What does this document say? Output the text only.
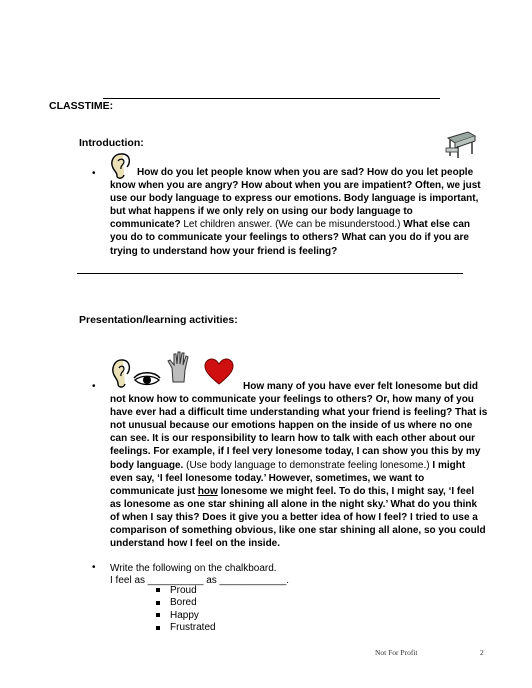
CLASSTIME:
Introduction:
•	How do you let people know when you are sad? How do you let people know when you are angry? How about when you are impatient? Often, we just use our body language to express our emotions. Body language is important, but what happens if we only rely on using our body language to communicate? Let children answer. (We can be misunderstood.) What else can you do to communicate your feelings to others? What can you do if you are trying to understand how your friend is feeling?
Presentation/learning activities:
•	How many of you have ever felt lonesome but did not know how to communicate your feelings to others? Or, how many of you have ever had a difficult time understanding what your friend is feeling? That is not unusual because our emotions happen on the inside of us where no one can see. It is our responsibility to learn how to talk with each other about our feelings. For example, if I feel very lonesome today, I can show you this by my body language. (Use body language to demonstrate feeling lonesome.) I might even say, ‘I feel lonesome today.’ However, sometimes, we want to communicate just how lonesome we might feel. To do this, I might say, ‘I feel as lonesome as one star shining all alone in the night sky.’ What do you think of when I say this? Does it give you a better idea of how I feel? I tried to use a comparison of something obvious, like one star shining all alone, so you could understand how I feel on the inside.
• Write the following on the chalkboard.
I feel as __________ as ____________.
Proud
Bored
Happy
Frustrated
Not For Profit	2
